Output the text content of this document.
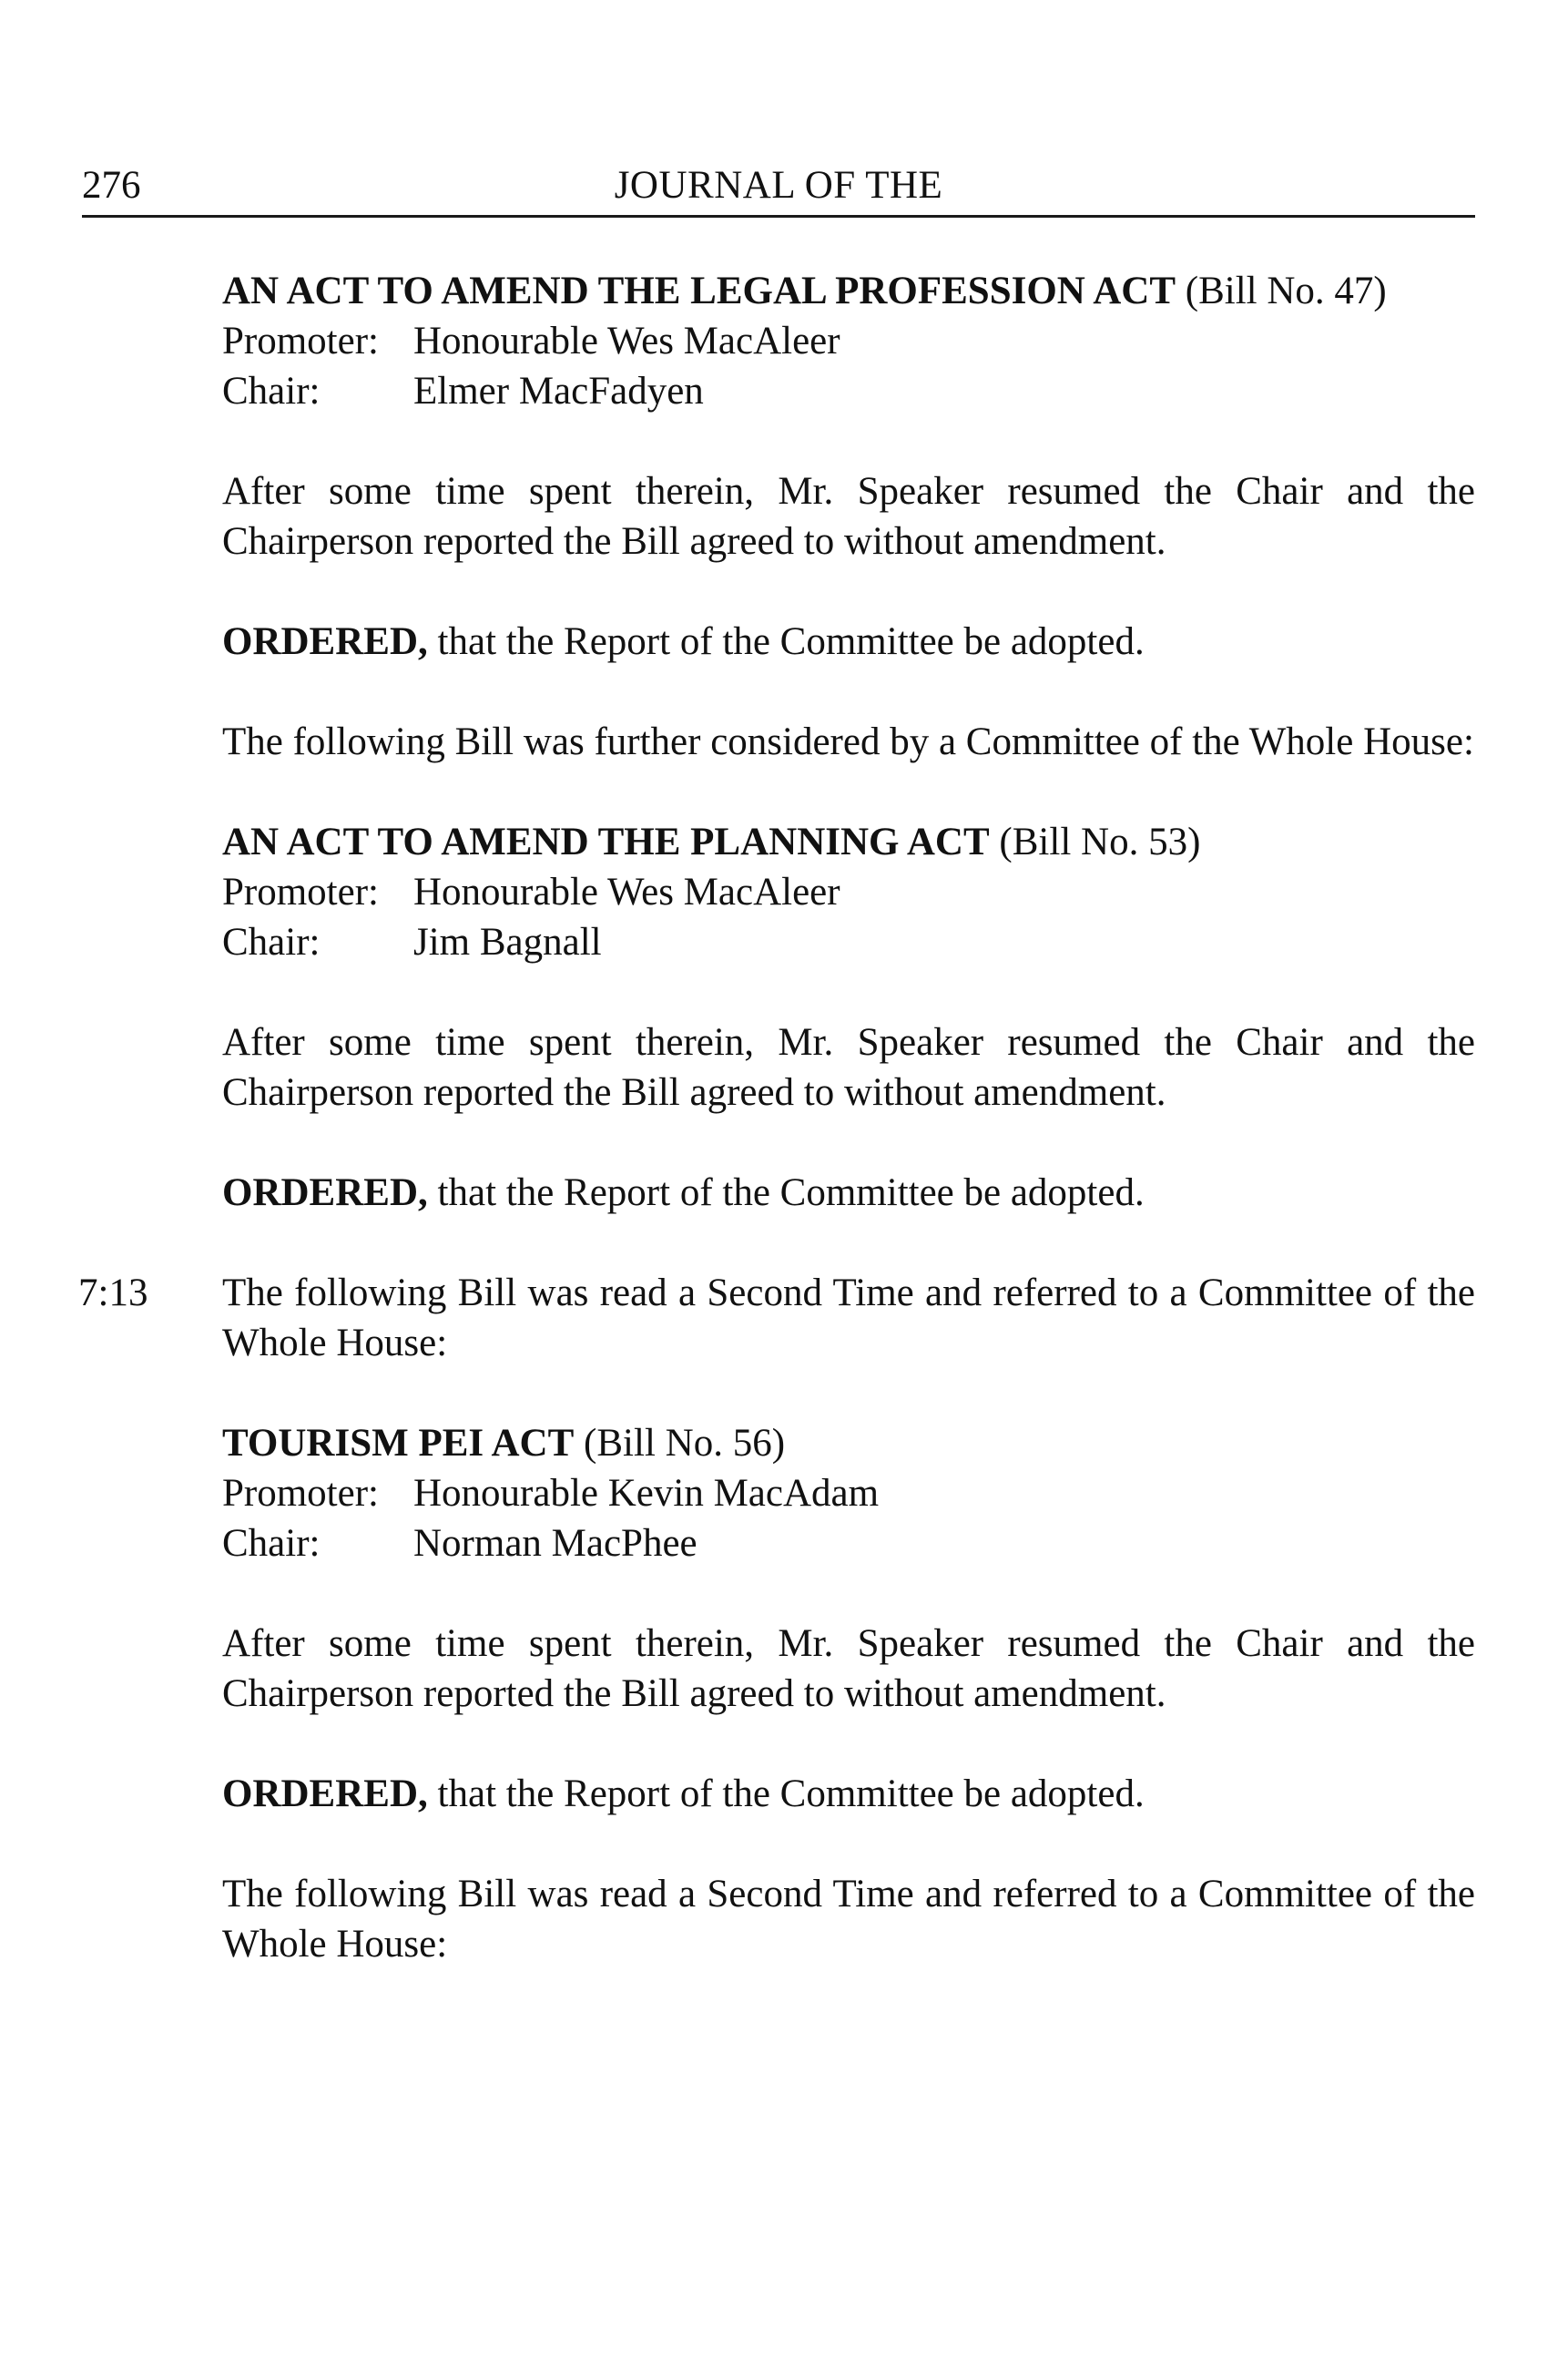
276	JOURNAL OF THE

AN ACT TO AMEND THE LEGAL PROFESSION ACT (Bill No. 47)

Promoter: Honourable Wes MacAleer
Chair:	Elmer MacFadyen

After some time spent therein, Mr. Speaker resumed the Chair and the Chairperson reported the Bill agreed to without amendment.

ORDERED, that the Report of the Committee be adopted.

The following Bill was further considered by a Committee of the Whole House:

AN ACT TO AMEND THE PLANNING ACT (Bill No. 53)

Promoter: Honourable Wes MacAleer
Chair:	Jim Bagnall

After some time spent therein, Mr. Speaker resumed the Chair and the Chairperson reported the Bill agreed to without amendment.

ORDERED, that the Report of the Committee be adopted.

7:13 The following Bill was read a Second Time and referred to a Committee of the Whole House:

TOURISM PEI ACT (Bill No. 56)

Promoter: Honourable Kevin MacAdam
Chair:	Norman MacPhee

After some time spent therein, Mr. Speaker resumed the Chair and the Chairperson reported the Bill agreed to without amendment.

ORDERED, that the Report of the Committee be adopted.

The following Bill was read a Second Time and referred to a Committee of the Whole House:
